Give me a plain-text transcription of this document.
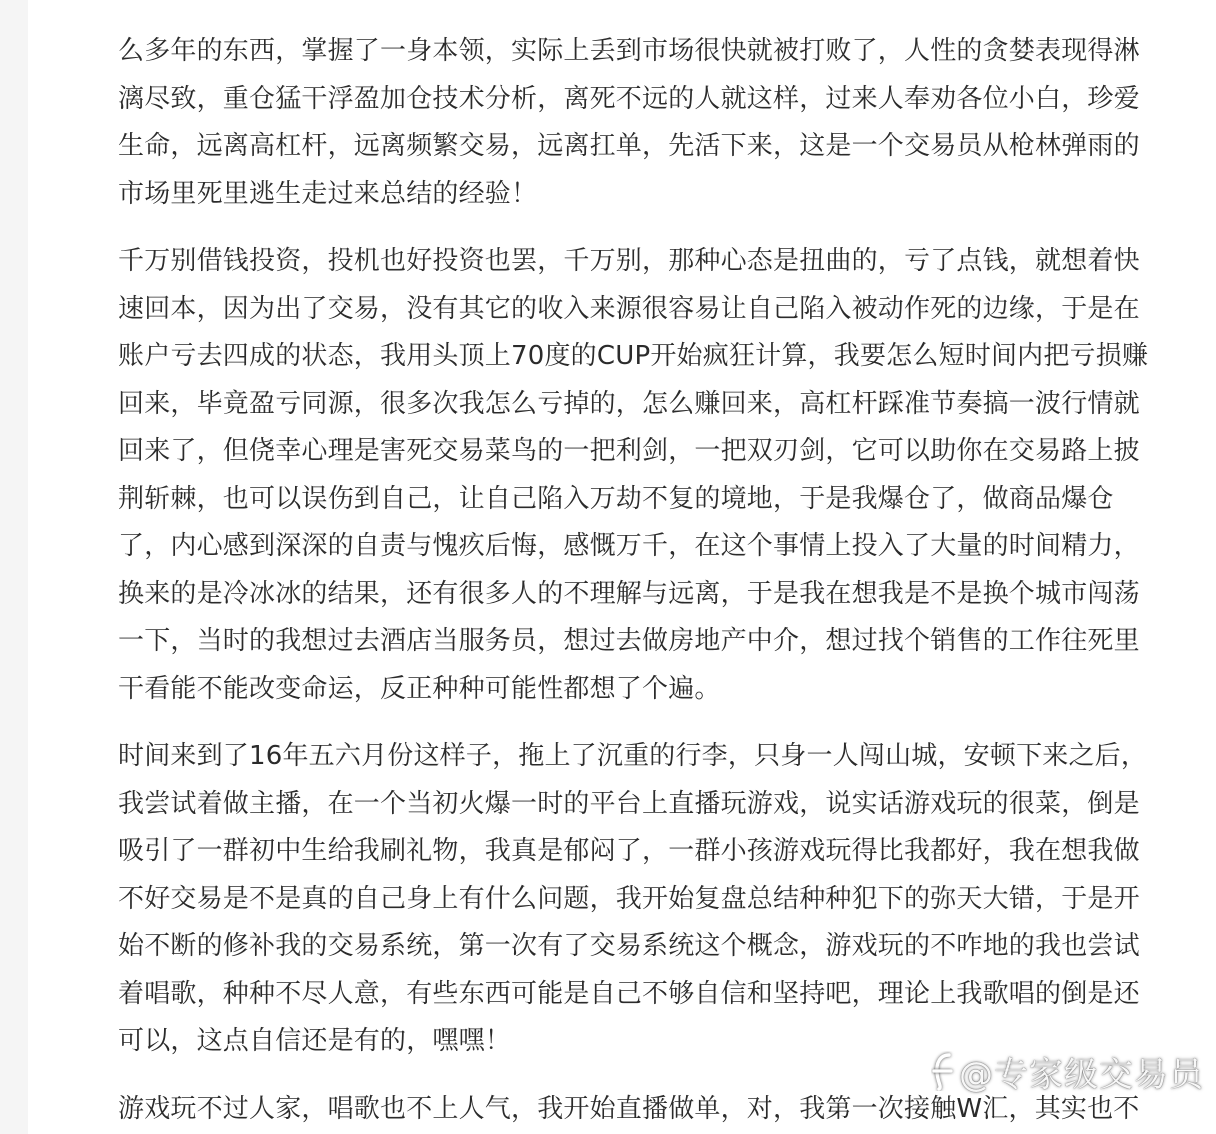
么多年的东西，掌握了一身本领，实际上丢到市场很快就被打败了，人性的贪婪表现得淋
漓尽致，重仓猛干浮盈加仓技术分析，离死不远的人就这样，过来人奉劝各位小白，珍爱
生命，远离高杠杆，远离频繁交易，远离扛单，先活下来，这是一个交易员从枪林弹雨的
市场里死里逃生走过来总结的经验！

千万别借钱投资，投机也好投资也罢，千万别，那种心态是扭曲的，亏了点钱，就想着快
速回本，因为出了交易，没有其它的收入来源很容易让自己陷入被动作死的边缘，于是在
账户亏去四成的状态，我用头顶上70度的CUP开始疯狂计算，我要怎么短时间内把亏损赚
回来，毕竟盈亏同源，很多次我怎么亏掉的，怎么赚回来，高杠杆踩准节奏搞一波行情就
回来了，但侥幸心理是害死交易菜鸟的一把利剑，一把双刃剑，它可以助你在交易路上披
荆斩棘，也可以误伤到自己，让自己陷入万劫不复的境地，于是我爆仓了，做商品爆仓
了，内心感到深深的自责与愧疚后悔，感慨万千，在这个事情上投入了大量的时间精力，
换来的是冷冰冰的结果，还有很多人的不理解与远离，于是我在想我是不是换个城市闯荡
一下，当时的我想过去酒店当服务员，想过去做房地产中介，想过找个销售的工作往死里
干看能不能改变命运，反正种种可能性都想了个遍。

时间来到了16年五六月份这样子，拖上了沉重的行李，只身一人闯山城，安顿下来之后，
我尝试着做主播，在一个当初火爆一时的平台上直播玩游戏，说实话游戏玩的很菜，倒是
吸引了一群初中生给我刷礼物，我真是郁闷了，一群小孩游戏玩得比我都好，我在想我做
不好交易是不是真的自己身上有什么问题，我开始复盘总结种种犯下的弥天大错，于是开
始不断的修补我的交易系统，第一次有了交易系统这个概念，游戏玩的不咋地的我也尝试
着唱歌，种种不尽人意，有些东西可能是自己不够自信和坚持吧，理论上我歌唱的倒是还
可以，这点自信还是有的，嘿嘿！

游戏玩不过人家，唱歌也不上人气，我开始直播做单，对，我第一次接触W汇，其实也不

@专家级交易员
